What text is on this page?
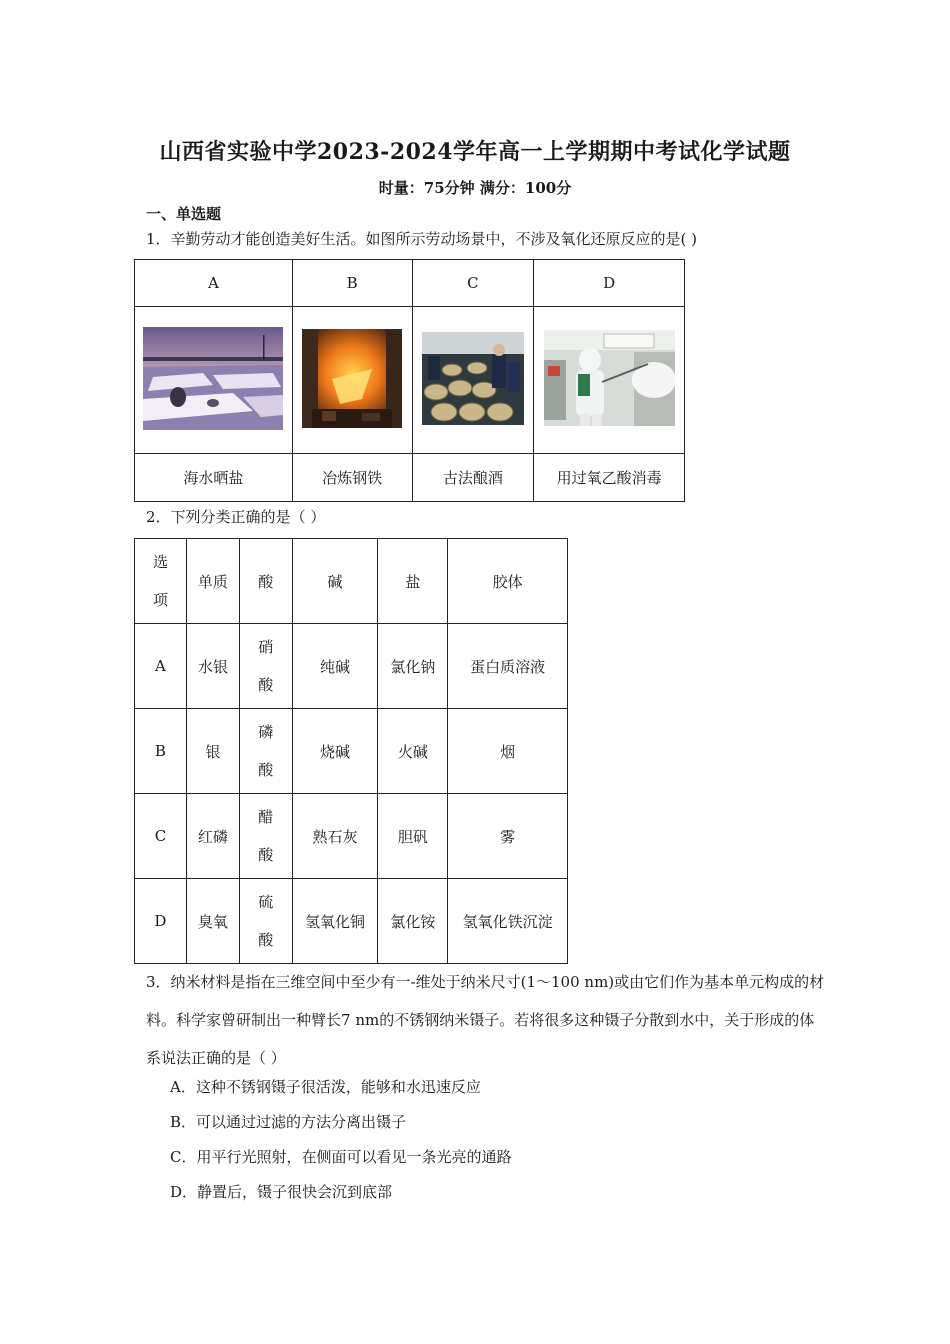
山西省实验中学2023-2024学年高一上学期期中考试化学试题
时量：75分钟 满分：100分
一、单选题
1．辛勤劳动才能创造美好生活。如图所示劳动场景中，不涉及氧化还原反应的是( )
A	B	C	D

海水晒盐	冶炼钢铁	古法酿酒	用过氧乙酸消毒
2．下列分类正确的是（ ）
选项	单质	酸	碱	盐	胶体
A	水银	硝酸	纯碱	氯化钠	蛋白质溶液
B	银	磷酸	烧碱	火碱	烟
C	红磷	醋酸	熟石灰	胆矾	雾
D	臭氧	硫酸	氢氧化铜	氯化铵	氢氧化铁沉淀
3．纳米材料是指在三维空间中至少有一-维处于纳米尺寸(1～100 nm)或由它们作为基本单元构成的材料。科学家曾研制出一种臂长7 nm的不锈钢纳米镊子。若将很多这种镊子分散到水中，关于形成的体系说法正确的是（ ）
A．这种不锈钢镊子很活泼，能够和水迅速反应
B．可以通过过滤的方法分离出镊子
C．用平行光照射，在侧面可以看见一条光亮的通路
D．静置后，镊子很快会沉到底部
